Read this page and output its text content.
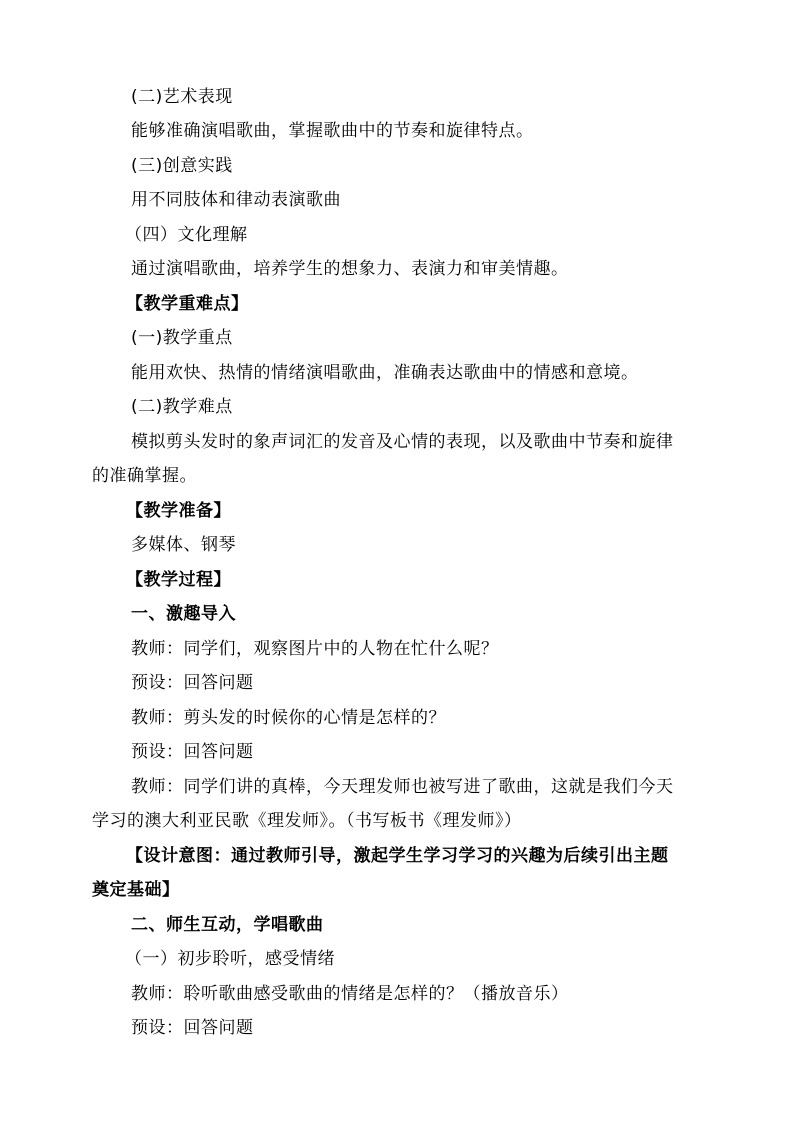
(二)艺术表现
能够准确演唱歌曲，掌握歌曲中的节奏和旋律特点。
(三)创意实践
用不同肢体和律动表演歌曲
（四）文化理解
通过演唱歌曲，培养学生的想象力、表演力和审美情趣。
【教学重难点】
(一)教学重点
能用欢快、热情的情绪演唱歌曲，准确表达歌曲中的情感和意境。
(二)教学难点
模拟剪头发时的象声词汇的发音及心情的表现，以及歌曲中节奏和旋律
的准确掌握。
【教学准备】
多媒体、钢琴
【教学过程】
一、激趣导入
教师：同学们，观察图片中的人物在忙什么呢？
预设：回答问题
教师：剪头发的时候你的心情是怎样的？
预设：回答问题
教师：同学们讲的真棒，今天理发师也被写进了歌曲，这就是我们今天
学习的澳大利亚民歌《理发师》。（书写板书《理发师》）
【设计意图：通过教师引导，激起学生学习学习的兴趣为后续引出主题
奠定基础】
二、师生互动，学唱歌曲
（一）初步聆听，感受情绪
教师：聆听歌曲感受歌曲的情绪是怎样的？（播放音乐）
预设：回答问题
